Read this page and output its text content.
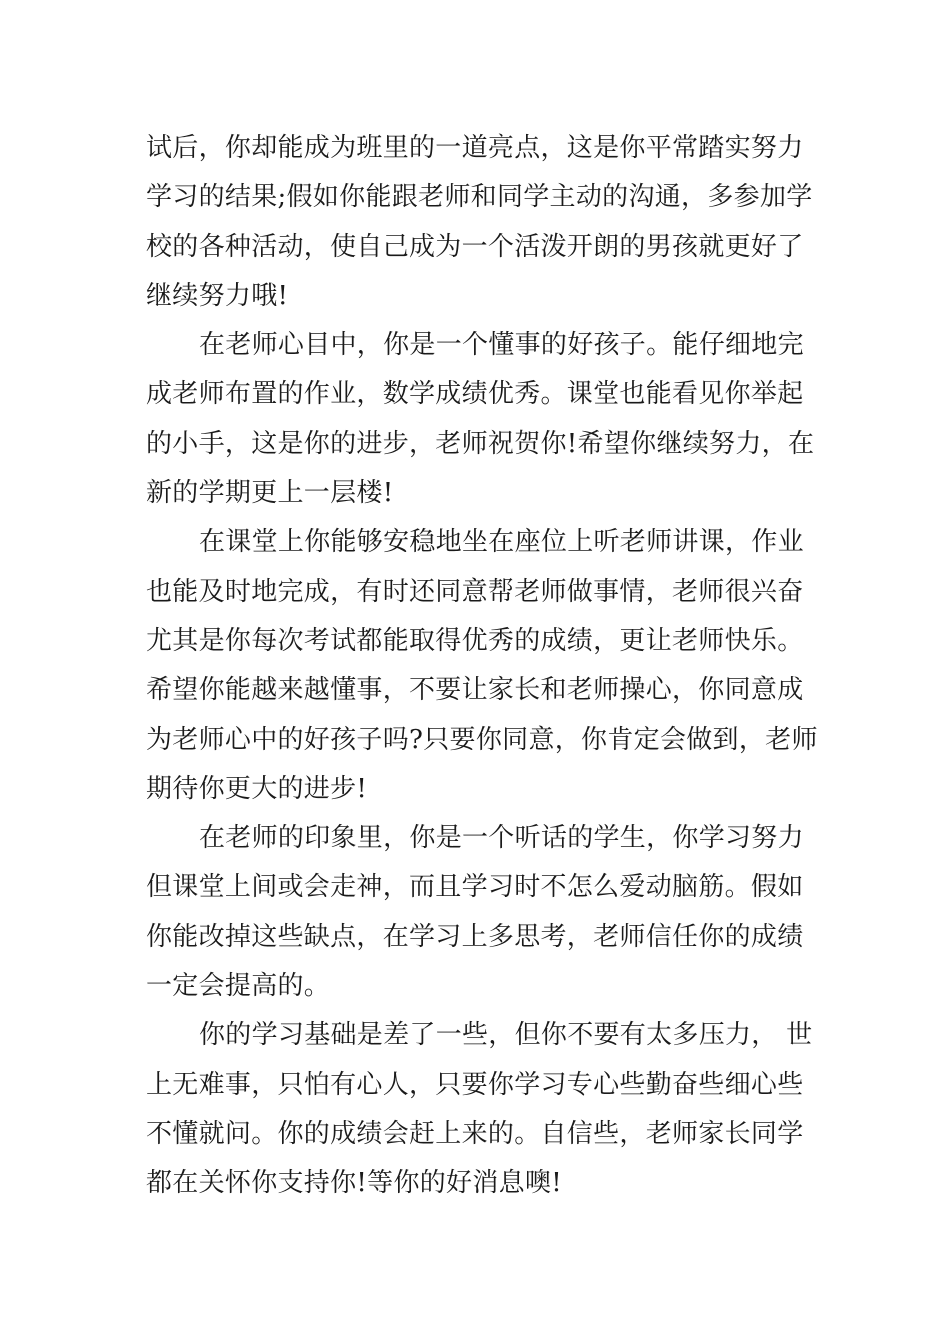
试后，你却能成为班里的一道亮点，这是你平常踏实努力
学习的结果;假如你能跟老师和同学主动的沟通，多参加学
校的各种活动，使自己成为一个活泼开朗的男孩就更好了
继续努力哦!
在老师心目中，你是一个懂事的好孩子。能仔细地完
成老师布置的作业，数学成绩优秀。课堂也能看见你举起
的小手，这是你的进步，老师祝贺你!希望你继续努力，在
新的学期更上一层楼!
在课堂上你能够安稳地坐在座位上听老师讲课，作业
也能及时地完成，有时还同意帮老师做事情，老师很兴奋
尤其是你每次考试都能取得优秀的成绩，更让老师快乐。
希望你能越来越懂事，不要让家长和老师操心，你同意成
为老师心中的好孩子吗?只要你同意，你肯定会做到，老师
期待你更大的进步!
在老师的印象里，你是一个听话的学生，你学习努力
但课堂上间或会走神，而且学习时不怎么爱动脑筋。假如
你能改掉这些缺点，在学习上多思考，老师信任你的成绩
一定会提高的。
你的学习基础是差了一些，但你不要有太多压力， 世
上无难事，只怕有心人，只要你学习专心些勤奋些细心些
不懂就问。你的成绩会赶上来的。自信些，老师家长同学
都在关怀你支持你!等你的好消息噢!
